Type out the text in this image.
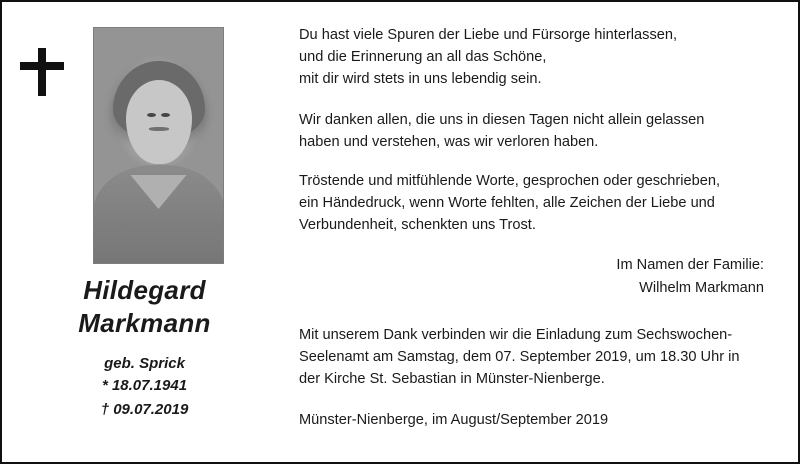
Hildegard
Markmann
geb. Sprick
* 18.07.1941
† 09.07.2019

Du hast viele Spuren der Liebe und Fürsorge hinterlassen,
und die Erinnerung an all das Schöne,
mit dir wird stets in uns lebendig sein.

Wir danken allen, die uns in diesen Tagen nicht allein gelassen
haben und verstehen, was wir verloren haben.

Tröstende und mitfühlende Worte, gesprochen oder geschrieben,
ein Händedruck, wenn Worte fehlten, alle Zeichen der Liebe und
Verbundenheit, schenkten uns Trost.

Im Namen der Familie:
Wilhelm Markmann

Mit unserem Dank verbinden wir die Einladung zum Sechswochen-
Seelenamt am Samstag, dem 07. September 2019, um 18.30 Uhr in
der Kirche St. Sebastian in Münster-Nienberge.

Münster-Nienberge, im August/September 2019
